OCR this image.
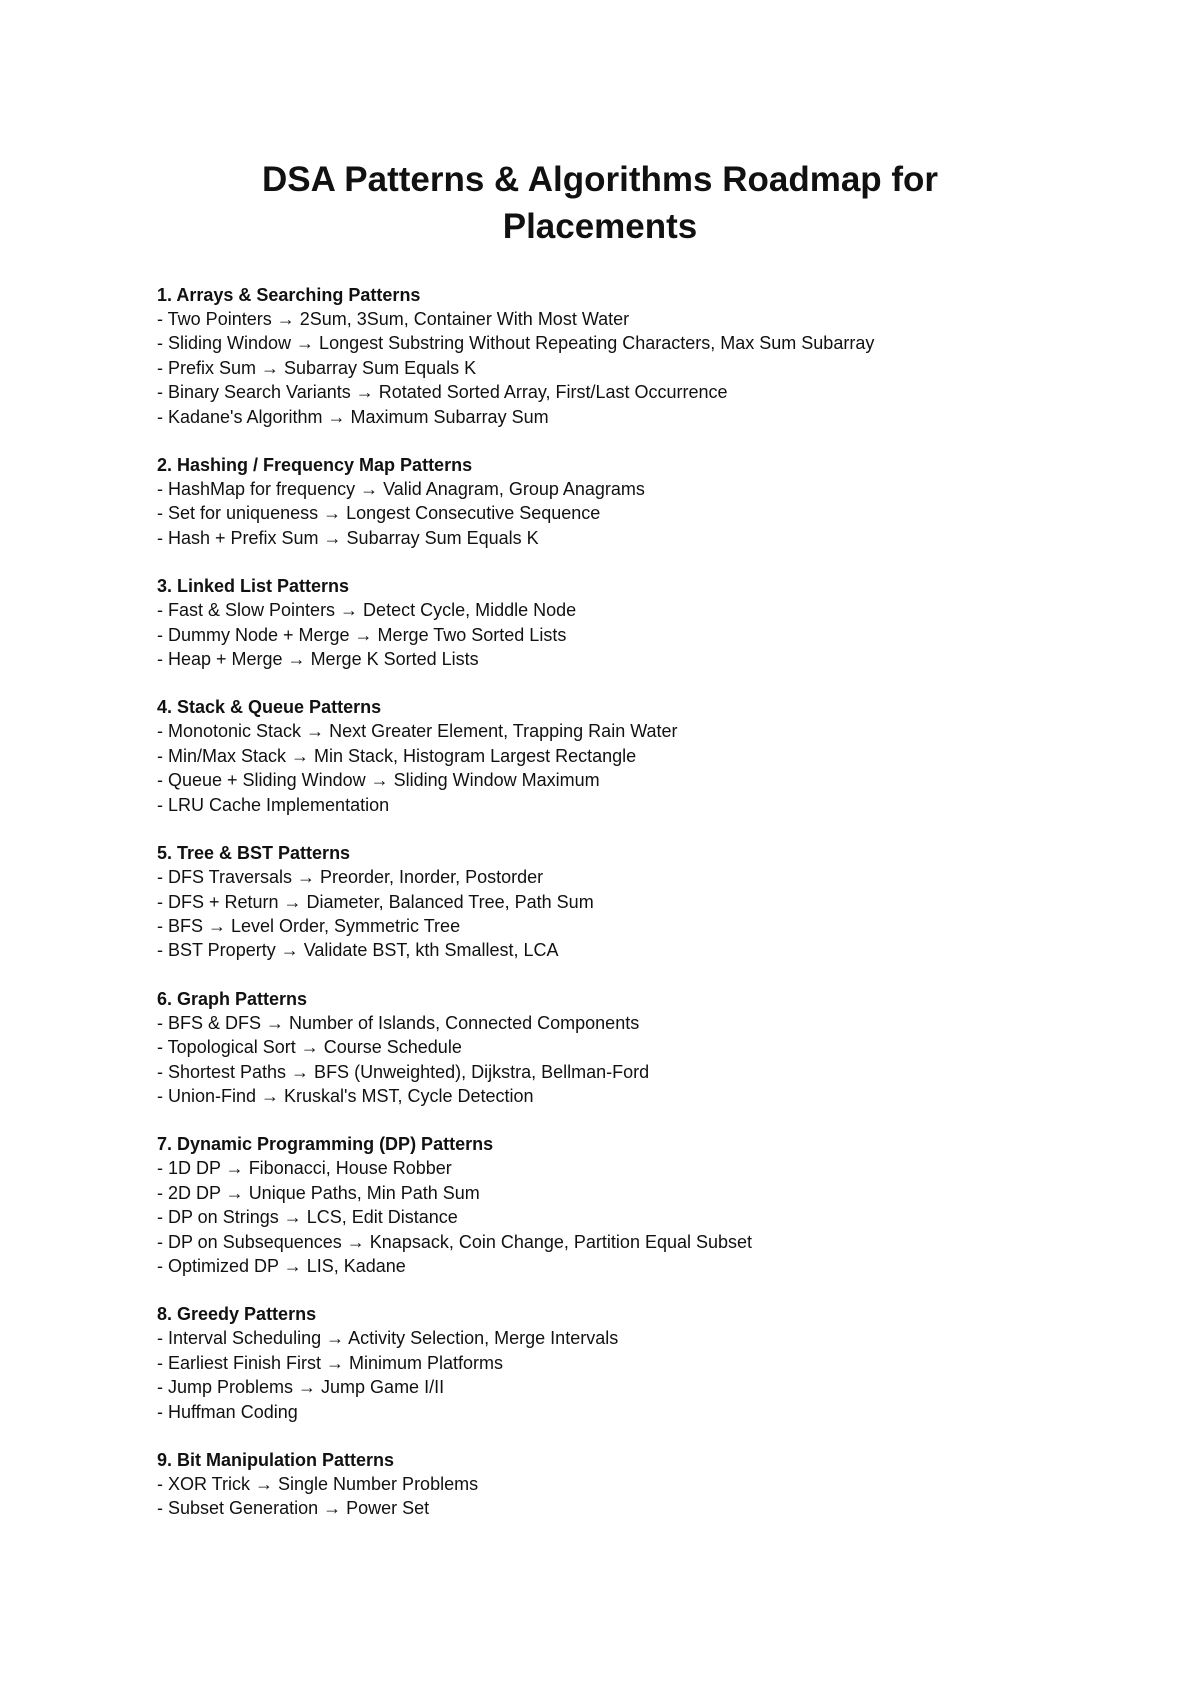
DSA Patterns & Algorithms Roadmap for
Placements

1. Arrays & Searching Patterns

- Two Pointers → 2Sum, 3Sum, Container With Most Water

- Sliding Window → Longest Substring Without Repeating Characters, Max Sum Subarray

- Prefix Sum → Subarray Sum Equals K

- Binary Search Variants → Rotated Sorted Array, First/Last Occurrence

- Kadane's Algorithm → Maximum Subarray Sum

2. Hashing / Frequency Map Patterns

- HashMap for frequency → Valid Anagram, Group Anagrams

- Set for uniqueness → Longest Consecutive Sequence

- Hash + Prefix Sum → Subarray Sum Equals K

3. Linked List Patterns

- Fast & Slow Pointers → Detect Cycle, Middle Node

- Dummy Node + Merge → Merge Two Sorted Lists

- Heap + Merge → Merge K Sorted Lists

4. Stack & Queue Patterns

- Monotonic Stack → Next Greater Element, Trapping Rain Water

- Min/Max Stack → Min Stack, Histogram Largest Rectangle

- Queue + Sliding Window → Sliding Window Maximum

- LRU Cache Implementation

5. Tree & BST Patterns

- DFS Traversals → Preorder, Inorder, Postorder

- DFS + Return → Diameter, Balanced Tree, Path Sum

- BFS → Level Order, Symmetric Tree

- BST Property → Validate BST, kth Smallest, LCA

6. Graph Patterns

- BFS & DFS → Number of Islands, Connected Components

- Topological Sort → Course Schedule

- Shortest Paths → BFS (Unweighted), Dijkstra, Bellman-Ford

- Union-Find → Kruskal's MST, Cycle Detection

7. Dynamic Programming (DP) Patterns

- 1D DP → Fibonacci, House Robber

- 2D DP → Unique Paths, Min Path Sum

- DP on Strings → LCS, Edit Distance

- DP on Subsequences → Knapsack, Coin Change, Partition Equal Subset

- Optimized DP → LIS, Kadane

8. Greedy Patterns

- Interval Scheduling → Activity Selection, Merge Intervals

- Earliest Finish First → Minimum Platforms

- Jump Problems → Jump Game I/II

- Huffman Coding

9. Bit Manipulation Patterns

- XOR Trick → Single Number Problems

- Subset Generation → Power Set
